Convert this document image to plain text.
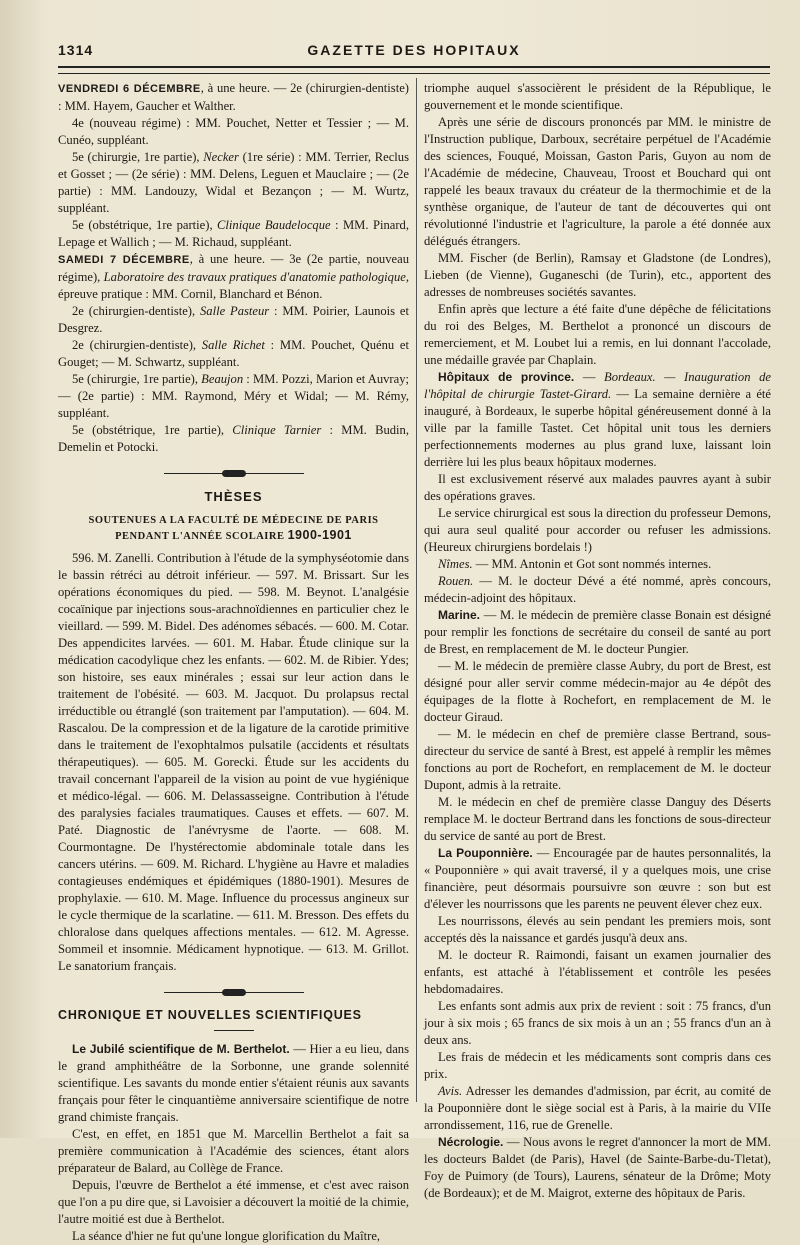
1314	GAZETTE DES HOPITAUX

VENDREDI 6 DÉCEMBRE, à une heure. — 2e (chirurgien-dentiste) : MM. Hayem, Gaucher et Walther.

4e (nouveau régime) : MM. Pouchet, Netter et Tessier ; — M. Cunéo, suppléant.

5e (chirurgie, 1re partie), Necker (1re série) : MM. Terrier, Reclus et Gosset ; — (2e série) : MM. Delens, Leguen et Mauclaire ; — (2e partie) : MM. Landouzy, Widal et Bezançon ; — M. Wurtz, suppléant.

5e (obstétrique, 1re partie), Clinique Baudelocque : MM. Pinard, Lepage et Wallich ; — M. Richaud, suppléant.

SAMEDI 7 DÉCEMBRE, à une heure. — 3e (2e partie, nouveau régime), Laboratoire des travaux pratiques d'anatomie pathologique, épreuve pratique : MM. Cornil, Blanchard et Bénon.

2e (chirurgien-dentiste), Salle Pasteur : MM. Poirier, Launois et Desgrez.

2e (chirurgien-dentiste), Salle Richet : MM. Pouchet, Quénu et Gouget; — M. Schwartz, suppléant.

5e (chirurgie, 1re partie), Beaujon : MM. Pozzi, Marion et Auvray; — (2e partie) : MM. Raymond, Méry et Widal; — M. Rémy, suppléant.

5e (obstétrique, 1re partie), Clinique Tarnier : MM. Budin, Demelin et Potocki.

THÈSES
SOUTENUES A LA FACULTÉ DE MÉDECINE DE PARIS
PENDANT L'ANNÉE SCOLAIRE 1900-1901

596. M. Zanelli. Contribution à l'étude de la symphyséotomie dans le bassin rétréci au détroit inférieur. — 597. M. Brissart. Sur les opérations économiques du pied. — 598. M. Beynot. L'analgésie cocaïnique par injections sous-arachnoïdiennes en particulier chez le vieillard. — 599. M. Bidel. Des adénomes sébacés. — 600. M. Cotar. Des appendicites larvées. — 601. M. Habar. Étude clinique sur la médication cacodylique chez les enfants. — 602. M. de Ribier. Ydes; son histoire, ses eaux minérales ; essai sur leur action dans le traitement de l'obésité. — 603. M. Jacquot. Du prolapsus rectal irréductible ou étranglé (son traitement par l'amputation). — 604. M. Rascalou. De la compression et de la ligature de la carotide primitive dans le traitement de l'exophtalmos pulsatile (accidents et résultats thérapeutiques). — 605. M. Gorecki. Étude sur les accidents du travail concernant l'appareil de la vision au point de vue hygiénique et médico-légal. — 606. M. Delassasseigne. Contribution à l'étude des paralysies faciales traumatiques. Causes et effets. — 607. M. Paté. Diagnostic de l'anévrysme de l'aorte. — 608. M. Courmontagne. De l'hystérectomie abdominale totale dans les cancers utérins. — 609. M. Richard. L'hygiène au Havre et maladies contagieuses endémiques et épidémiques (1880-1901). Mesures de prophylaxie. — 610. M. Mage. Influence du processus angineux sur le cycle thermique de la scarlatine. — 611. M. Bresson. Des effets du chloralose dans quelques affections mentales. — 612. M. Agresse. Sommeil et insomnie. Médicament hypnotique. — 613. M. Grillot. Le sanatorium français.

CHRONIQUE ET NOUVELLES SCIENTIFIQUES

Le Jubilé scientifique de M. Berthelot. — Hier a eu lieu, dans le grand amphithéâtre de la Sorbonne, une grande solennité scientifique. Les savants du monde entier s'étaient réunis aux savants français pour fêter le cinquantième anniversaire scientifique de notre grand chimiste français.

C'est, en effet, en 1851 que M. Marcellin Berthelot a fait sa première communication à l'Académie des sciences, étant alors préparateur de Balard, au Collège de France.

Depuis, l'œuvre de Berthelot a été immense, et c'est avec raison que l'on a pu dire que, si Lavoisier a découvert la moitié de la chimie, l'autre moitié est due à Berthelot.

La séance d'hier ne fut qu'une longue glorification du Maître,

triomphe auquel s'associèrent le président de la République, le gouvernement et le monde scientifique.

Après une série de discours prononcés par MM. le ministre de l'Instruction publique, Darboux, secrétaire perpétuel de l'Académie des sciences, Fouqué, Moissan, Gaston Paris, Guyon au nom de l'Académie de médecine, Chauveau, Troost et Bouchard qui ont rappelé les beaux travaux du créateur de la thermochimie et de la synthèse organique, de l'auteur de tant de découvertes qui ont révolutionné l'industrie et l'agriculture, la parole a été donnée aux délégués étrangers.

MM. Fischer (de Berlin), Ramsay et Gladstone (de Londres), Lieben (de Vienne), Guganeschi (de Turin), etc., apportent des adresses de nombreuses sociétés savantes.

Enfin après que lecture a été faite d'une dépêche de félicitations du roi des Belges, M. Berthelot a prononcé un discours de remerciement, et M. Loubet lui a remis, en lui donnant l'accolade, une médaille gravée par Chaplain.

Hôpitaux de province. — Bordeaux. — Inauguration de l'hôpital de chirurgie Tastet-Girard. — La semaine dernière a été inauguré, à Bordeaux, le superbe hôpital généreusement donné à la ville par la famille Tastet. Cet hôpital unit tous les derniers perfectionnements modernes au plus grand luxe, laissant loin derrière lui les plus beaux hôpitaux modernes.

Il est exclusivement réservé aux malades pauvres ayant à subir des opérations graves.

Le service chirurgical est sous la direction du professeur Demons, qui aura seul qualité pour accorder ou refuser les admissions. (Heureux chirurgiens bordelais !)

Nîmes. — MM. Antonin et Got sont nommés internes.

Rouen. — M. le docteur Dévé a été nommé, après concours, médecin-adjoint des hôpitaux.

Marine. — M. le médecin de première classe Bonain est désigné pour remplir les fonctions de secrétaire du conseil de santé au port de Brest, en remplacement de M. le docteur Pungier.

— M. le médecin de première classe Aubry, du port de Brest, est désigné pour aller servir comme médecin-major au 4e dépôt des équipages de la flotte à Rochefort, en remplacement de M. le docteur Giraud.

— M. le médecin en chef de première classe Bertrand, sous-directeur du service de santé à Brest, est appelé à remplir les mêmes fonctions au port de Rochefort, en remplacement de M. le docteur Dupont, admis à la retraite.

M. le médecin en chef de première classe Danguy des Déserts remplace M. le docteur Bertrand dans les fonctions de sous-directeur du service de santé au port de Brest.

La Pouponnière. — Encouragée par de hautes personnalités, la « Pouponnière » qui avait traversé, il y a quelques mois, une crise financière, peut désormais poursuivre son œuvre : son but est d'élever les nourrissons que les parents ne peuvent élever chez eux.

Les nourrissons, élevés au sein pendant les premiers mois, sont acceptés dès la naissance et gardés jusqu'à deux ans.

M. le docteur R. Raimondi, faisant un examen journalier des enfants, est attaché à l'établissement et contrôle les pesées hebdomadaires.

Les enfants sont admis aux prix de revient : soit : 75 francs, d'un jour à six mois ; 65 francs de six mois à un an ; 55 francs d'un an à deux ans.

Les frais de médecin et les médicaments sont compris dans ces prix.

Avis. Adresser les demandes d'admission, par écrit, au comité de la Pouponnière dont le siège social est à Paris, à la mairie du VIIe arrondissement, 116, rue de Grenelle.

Nécrologie. — Nous avons le regret d'annoncer la mort de MM. les docteurs Baldet (de Paris), Havel (de Sainte-Barbe-du-Tletat), Foy de Puimory (de Tours), Laurens, sénateur de la Drôme; Moty (de Bordeaux); et de M. Maigrot, externe des hôpitaux de Paris.
